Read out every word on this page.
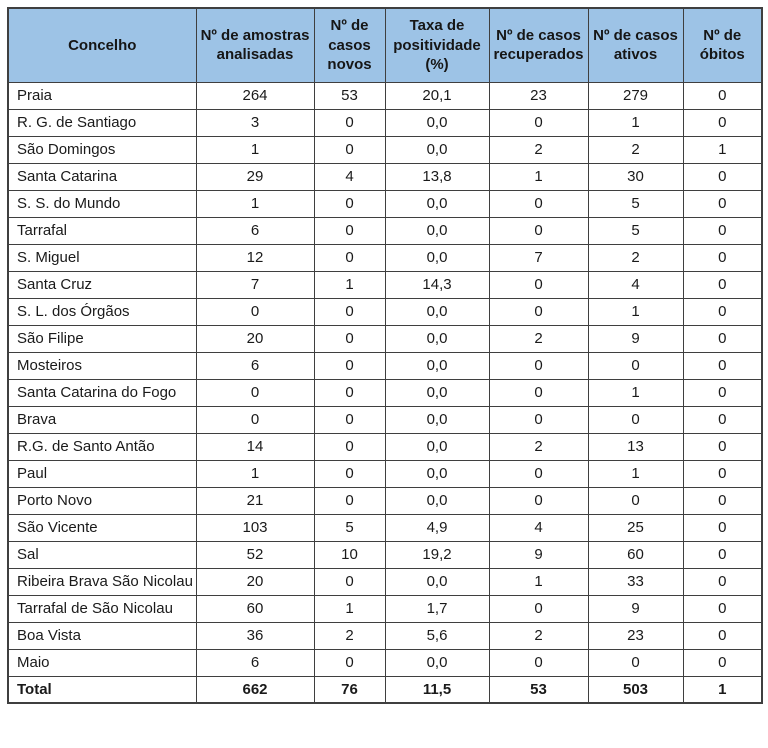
Concelho	Nº de amostras analisadas	Nº de casos novos	Taxa de positividade (%)	Nº de casos recuperados	Nº de casos ativos	Nº de óbitos
Praia	264	53	20,1	23	279	0
R. G. de Santiago	3	0	0,0	0	1	0
São Domingos	1	0	0,0	2	2	1
Santa Catarina	29	4	13,8	1	30	0
S. S. do Mundo	1	0	0,0	0	5	0
Tarrafal	6	0	0,0	0	5	0
S. Miguel	12	0	0,0	7	2	0
Santa Cruz	7	1	14,3	0	4	0
S. L. dos Órgãos	0	0	0,0	0	1	0
São Filipe	20	0	0,0	2	9	0
Mosteiros	6	0	0,0	0	0	0
Santa Catarina do Fogo	0	0	0,0	0	1	0
Brava	0	0	0,0	0	0	0
R.G. de Santo Antão	14	0	0,0	2	13	0
Paul	1	0	0,0	0	1	0
Porto Novo	21	0	0,0	0	0	0
São Vicente	103	5	4,9	4	25	0
Sal	52	10	19,2	9	60	0
Ribeira Brava São Nicolau	20	0	0,0	1	33	0
Tarrafal de São Nicolau	60	1	1,7	0	9	0
Boa Vista	36	2	5,6	2	23	0
Maio	6	0	0,0	0	0	0
Total	662	76	11,5	53	503	1
